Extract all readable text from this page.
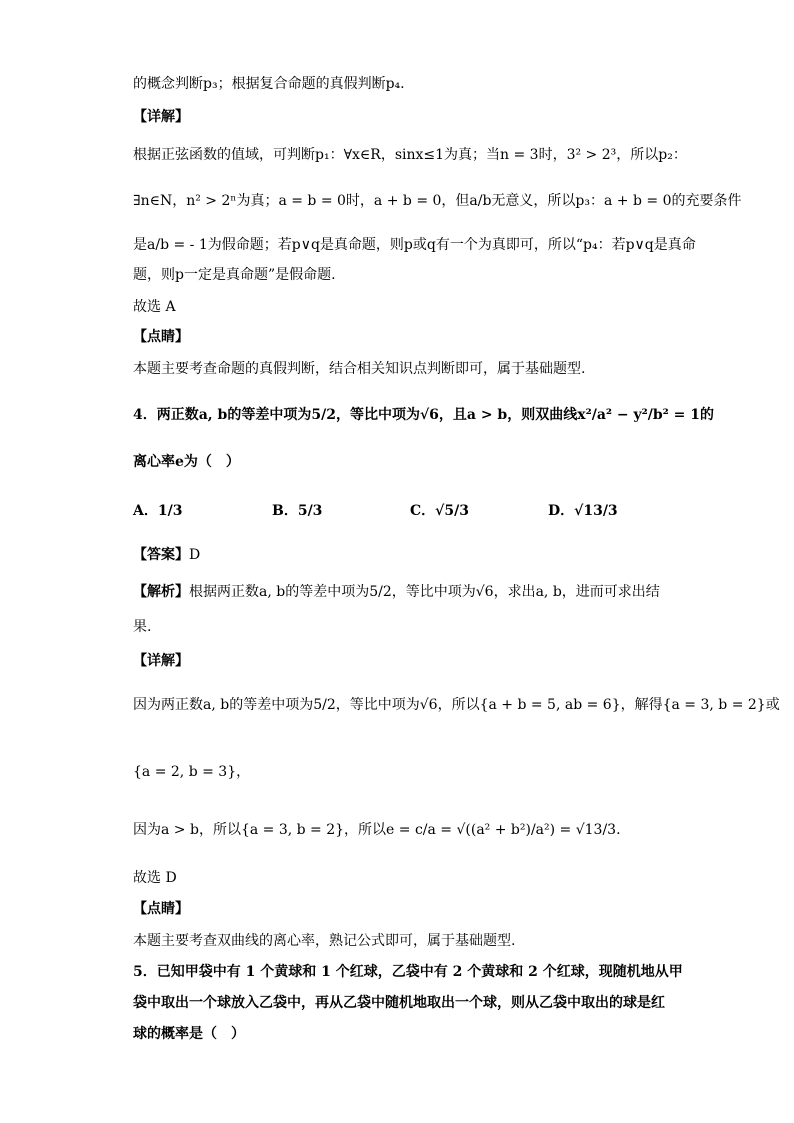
的概念判断p₃；根据复合命题的真假判断p₄.
【详解】
根据正弦函数的值域，可判断p₁：∀x∈R，sinx≤1为真；当n = 3时，3² > 2³，所以p₂：
∃n∈N，n² > 2ⁿ为真；a = b = 0时，a + b = 0，但a/b无意义，所以p₃：a + b = 0的充要条件
是a/b = - 1为假命题；若p∨q是真命题，则p或q有一个为真即可，所以“p₄：若p∨q是真命
题，则p一定是真命题”是假命题.
故选 A
【点睛】
本题主要考查命题的真假判断，结合相关知识点判断即可，属于基础题型.
4．两正数a, b的等差中项为5/2，等比中项为√6，且a > b，则双曲线x²/a² − y²/b² = 1的
离心率e为（　）
A．1/3	B．5/3	C．√5/3	D．√13/3
【答案】D
【解析】根据两正数a, b的等差中项为5/2，等比中项为√6，求出a, b，进而可求出结
果.
【详解】
因为两正数a, b的等差中项为5/2，等比中项为√6，所以{a + b = 5, ab = 6}，解得{a = 3, b = 2}或
{a = 2, b = 3}，
因为a > b，所以{a = 3, b = 2}，所以e = c/a = √((a² + b²)/a²) = √13/3.
故选 D
【点睛】
本题主要考查双曲线的离心率，熟记公式即可，属于基础题型.
5．已知甲袋中有 1 个黄球和 1 个红球，乙袋中有 2 个黄球和 2 个红球，现随机地从甲
袋中取出一个球放入乙袋中，再从乙袋中随机地取出一个球，则从乙袋中取出的球是红
球的概率是（　）
